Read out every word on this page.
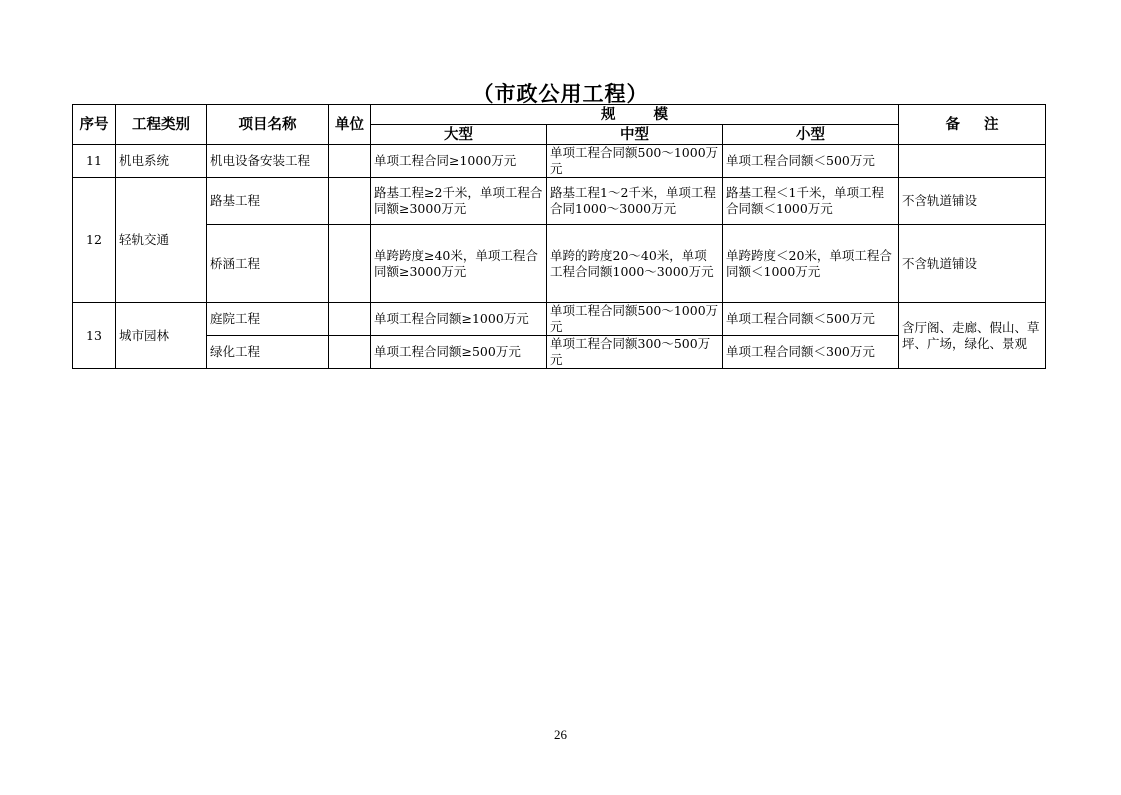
（市政公用工程）
序号	工程类别	项目名称	单位	规模			备注
				大型	中型	小型	
11	机电系统	机电设备安装工程		单项工程合同≥1000万元	单项工程合同额500～1000万元	单项工程合同额＜500万元	
12	轻轨交通	路基工程		路基工程≥2千米，单项工程合同额≥3000万元	路基工程1～2千米，单项工程合同1000～3000万元	路基工程＜1千米，单项工程合同额＜1000万元	不含轨道铺设
		桥涵工程		单跨跨度≥40米，单项工程合同额≥3000万元	单跨的跨度20～40米，单项工程合同额1000～3000万元	单跨跨度＜20米，单项工程合同额＜1000万元	不含轨道铺设
13	城市园林	庭院工程		单项工程合同额≥1000万元	单项工程合同额500～1000万元	单项工程合同额＜500万元	含厅阁、走廊、假山、草坪、广场，绿化、景观
		绿化工程		单项工程合同额≥500万元	单项工程合同额300～500万元	单项工程合同额＜300万元	
26
